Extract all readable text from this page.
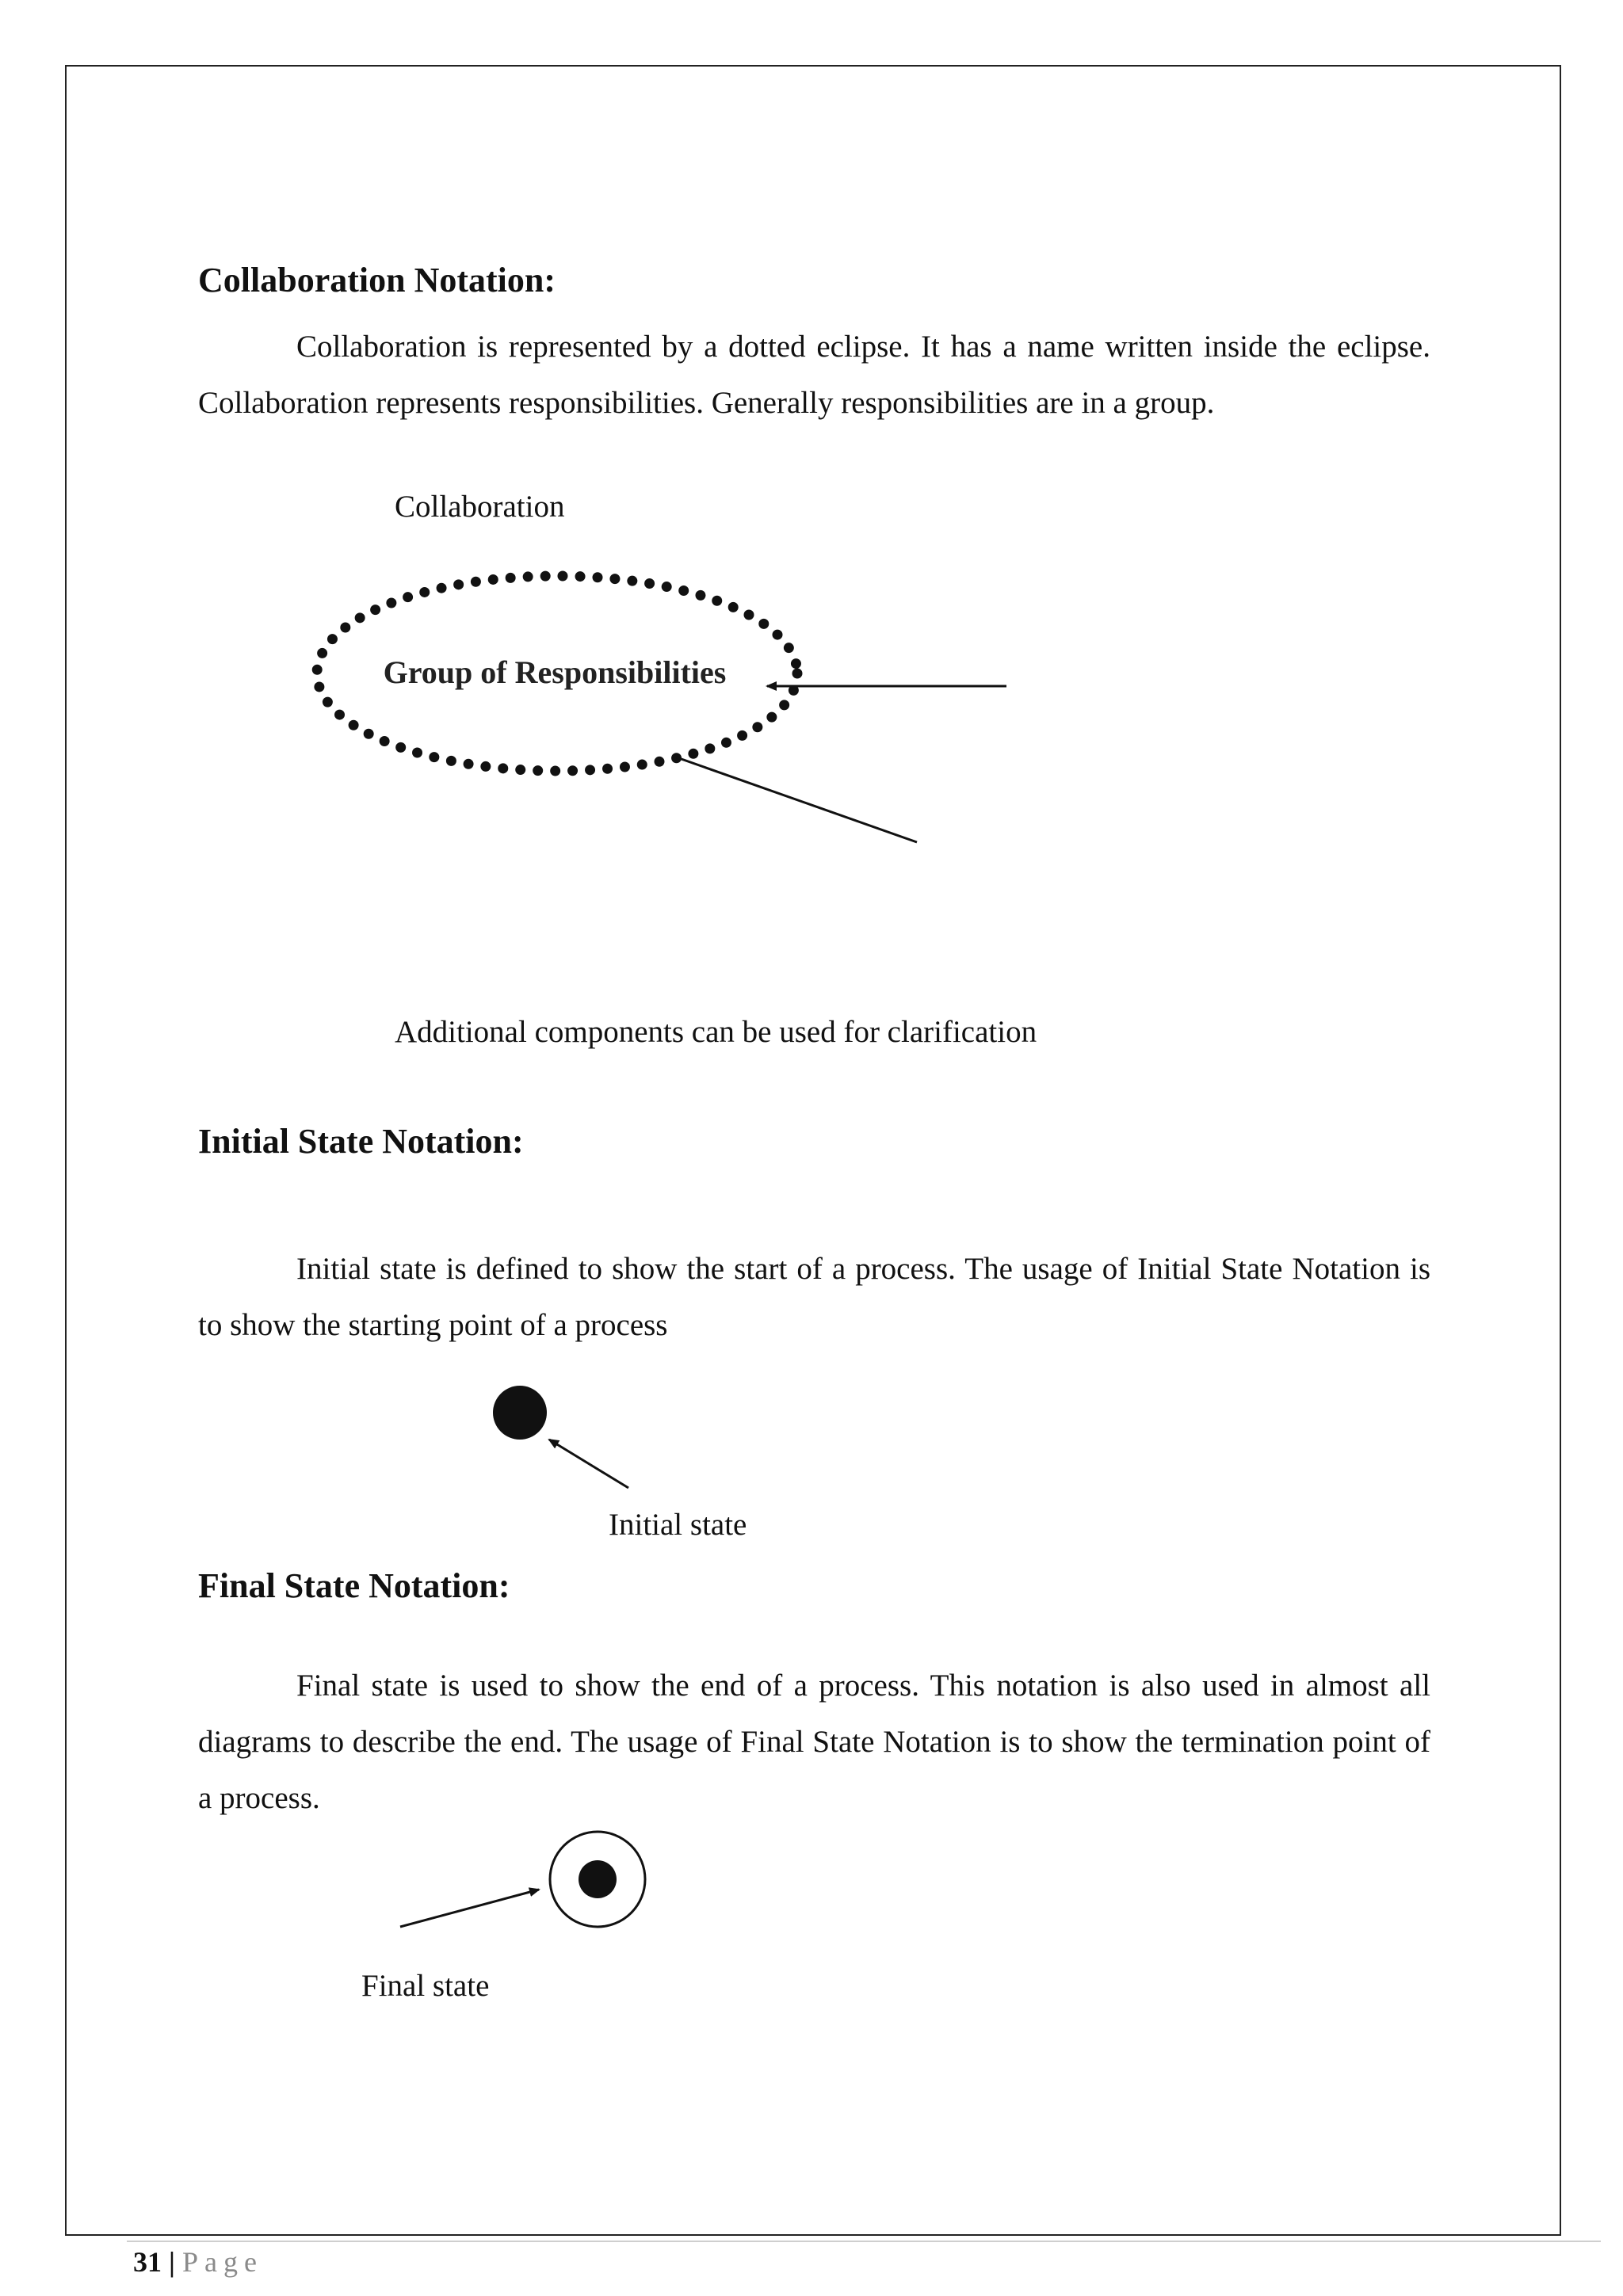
Collaboration Notation:

Collaboration is represented by a dotted eclipse. It has a name written inside the eclipse. Collaboration represents responsibilities. Generally responsibilities are in a group.

Collaboration
Group of Responsibilities
Additional components can be used for clarification
Initial State Notation:

Initial state is defined to show the start of a process. The usage of Initial State Notation is to show the starting point of a process

Initial state
Final State Notation:

Final state is used to show the end of a process. This notation is also used in almost all diagrams to describe the end. The usage of Final State Notation is to show the termination point of a process.

Final state
31 | Page
